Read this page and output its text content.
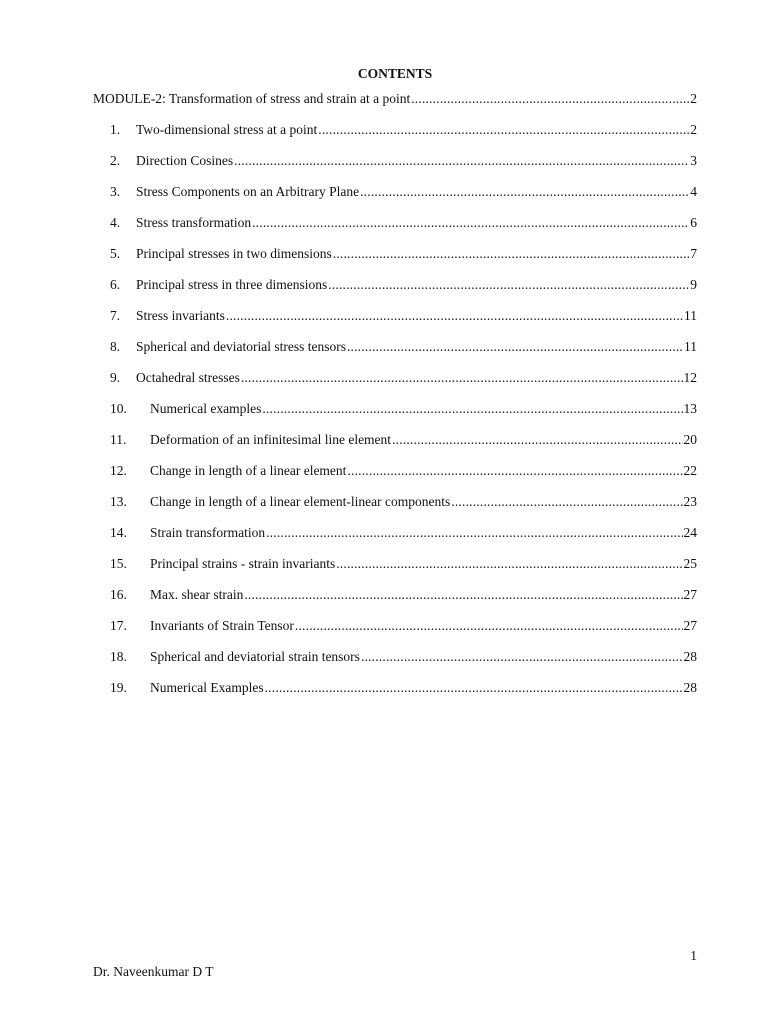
CONTENTS
MODULE-2: Transformation of stress and strain at a point .....	2
1.	Two-dimensional stress at a point .....	2
2.	Direction Cosines .....	3
3.	Stress Components on an Arbitrary Plane .....	4
4.	Stress transformation .....	6
5.	Principal stresses in two dimensions .....	7
6.	Principal stress in three dimensions .....	9
7.	Stress invariants .....	11
8.	Spherical and deviatorial stress tensors .....	11
9.	Octahedral stresses .....	12
10.	Numerical examples .....	13
11.	Deformation of an infinitesimal line element .....	20
12.	Change in length of a linear element .....	22
13.	Change in length of a linear element-linear components .....	23
14.	Strain transformation .....	24
15.	Principal strains - strain invariants .....	25
16.	Max. shear strain .....	27
17.	Invariants of Strain Tensor .....	27
18.	Spherical and deviatorial strain tensors .....	28
19.	Numerical Examples .....	28
1
Dr. Naveenkumar D T
